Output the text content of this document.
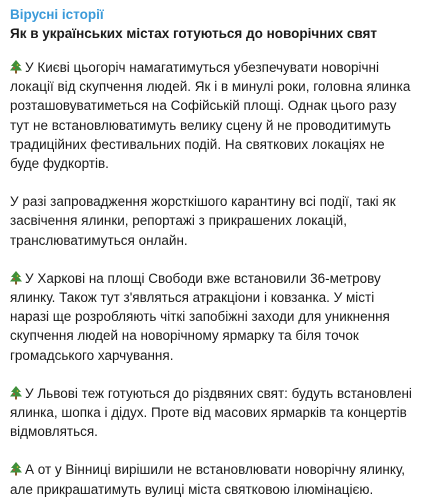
Вірусні історії
Як в українських містах готуються до новорічних свят

У Києві цьогоріч намагатимуться убезпечувати новорічні локації від скупчення людей. Як і в минулі роки, головна ялинка розташовуватиметься на Софійській площі. Однак цього разу тут не встановлюватимуть велику сцену й не проводитимуть традиційних фестивальних подій. На святкових локаціях не буде фудкортів.

У разі запровадження жорсткішого карантину всі події, такі як засвічення ялинки, репортажі з прикрашених локацій, транслюватимуться онлайн.

У Харкові на площі Свободи вже встановили 36-метрову ялинку. Також тут з'являться атракціони і ковзанка. У місті наразі ще розробляють чіткі запобіжні заходи для уникнення скупчення людей на новорічному ярмарку та біля точок громадського харчування.

У Львові теж готуються до різдвяних свят: будуть встановлені ялинка, шопка і дідух. Проте від масових ярмарків та концертів відмовляться.

А от у Вінниці вирішили не встановлювати новорічну ялинку, але прикрашатимуть вулиці міста святковою ілюмінацією.
